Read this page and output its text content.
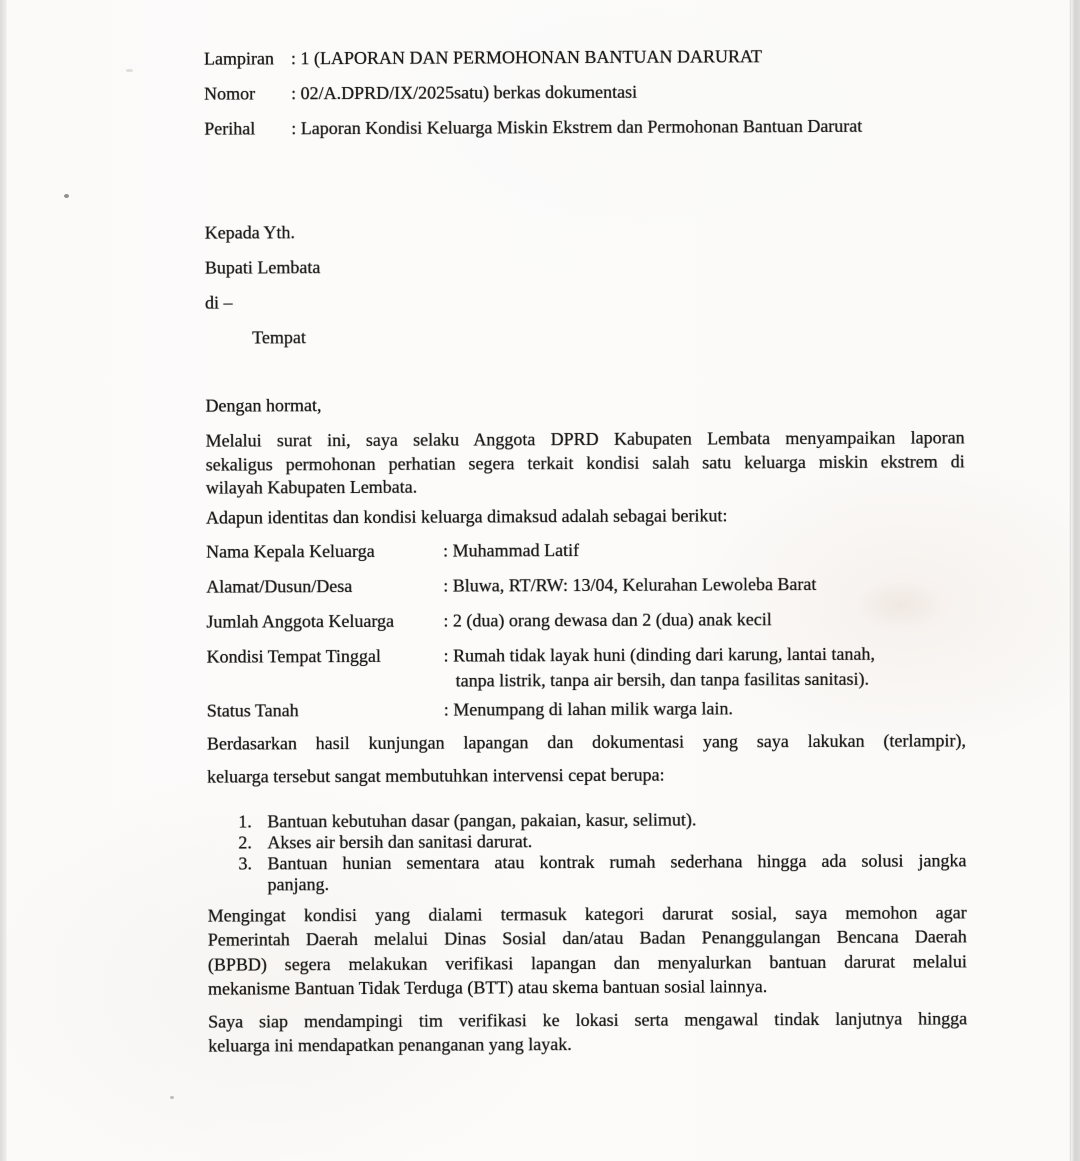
Lampiran : 1 (LAPORAN DAN PERMOHONAN BANTUAN DARURAT
Nomor	: 02/A.DPRD/IX/2025satu) berkas dokumentasi
Perihal	: Laporan Kondisi Keluarga Miskin Ekstrem dan Permohonan Bantuan Darurat
Kepada Yth.
Bupati Lembata
di –
Tempat
Dengan hormat,
Melalui surat ini, saya selaku Anggota DPRD Kabupaten Lembata menyampaikan laporan
sekaligus permohonan perhatian segera terkait kondisi salah satu keluarga miskin ekstrem di
wilayah Kabupaten Lembata.
Adapun identitas dan kondisi keluarga dimaksud adalah sebagai berikut:
Nama Kepala Keluarga	: Muhammad Latif
Alamat/Dusun/Desa	: Bluwa, RT/RW: 13/04, Kelurahan Lewoleba Barat
Jumlah Anggota Keluarga	: 2 (dua) orang dewasa dan 2 (dua) anak kecil
Kondisi Tempat Tinggal	: Rumah tidak layak huni (dinding dari karung, lantai tanah,
tanpa listrik, tanpa air bersih, dan tanpa fasilitas sanitasi).
Status Tanah	: Menumpang di lahan milik warga lain.
Berdasarkan hasil kunjungan lapangan dan dokumentasi yang saya lakukan (terlampir),
keluarga tersebut sangat membutuhkan intervensi cepat berupa:
1. Bantuan kebutuhan dasar (pangan, pakaian, kasur, selimut).
2. Akses air bersih dan sanitasi darurat.
3. Bantuan hunian sementara atau kontrak rumah sederhana hingga ada solusi jangka
panjang.
Mengingat kondisi yang dialami termasuk kategori darurat sosial, saya memohon agar
Pemerintah Daerah melalui Dinas Sosial dan/atau Badan Penanggulangan Bencana Daerah
(BPBD) segera melakukan verifikasi lapangan dan menyalurkan bantuan darurat melalui
mekanisme Bantuan Tidak Terduga (BTT) atau skema bantuan sosial lainnya.
Saya siap mendampingi tim verifikasi ke lokasi serta mengawal tindak lanjutnya hingga
keluarga ini mendapatkan penanganan yang layak.
